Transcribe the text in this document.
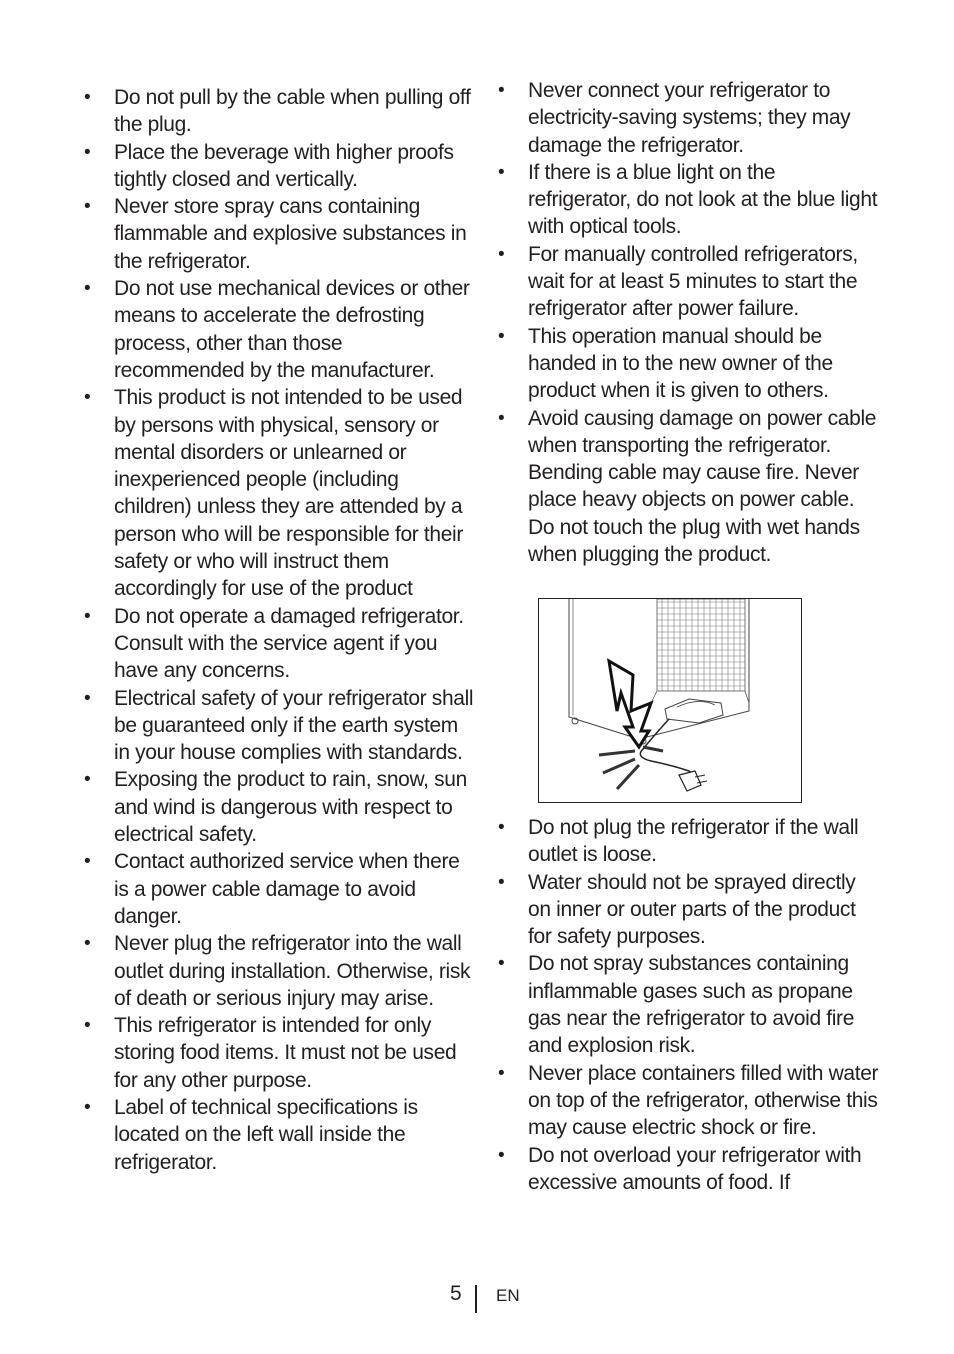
• Do not pull by the cable when pulling off the plug.
• Place the beverage with higher proofs tightly closed and vertically.
• Never store spray cans containing flammable and explosive substances in the refrigerator.
• Do not use mechanical devices or other means to accelerate the defrosting process, other than those recommended by the manufacturer.
• This product is not intended to be used by persons with physical, sensory or mental disorders or unlearned or inexperienced people (including children) unless they are attended by a person who will be responsible for their safety or who will instruct them accordingly for use of the product
• Do not operate a damaged refrigerator. Consult with the service agent if you have any concerns.
• Electrical safety of your refrigerator shall be guaranteed only if the earth system in your house complies with standards.
• Exposing the product to rain, snow, sun and wind is dangerous with respect to electrical safety.
• Contact authorized service when there is a power cable damage to avoid danger.
• Never plug the refrigerator into the wall outlet during installation. Otherwise, risk of death or serious injury may arise.
• This refrigerator is intended for only storing food items. It must not be used for any other purpose.
• Label of technical specifications is located on the left wall inside the refrigerator.
• Never connect your refrigerator to electricity-saving systems; they may damage the refrigerator.
• If there is a blue light on the refrigerator, do not look at the blue light with optical tools.
• For manually controlled refrigerators, wait for at least 5 minutes to start the refrigerator after power failure.
• This operation manual should be handed in to the new owner of the product when it is given to others.
• Avoid causing damage on power cable when transporting the refrigerator. Bending cable may cause fire. Never place heavy objects on power cable. Do not touch the plug with wet hands when plugging the product.
• Do not plug the refrigerator if the wall outlet is loose.
• Water should not be sprayed directly on inner or outer parts of the product for safety purposes.
• Do not spray substances containing inflammable gases such as propane gas near the refrigerator to avoid fire and explosion risk.
• Never place containers filled with water on top of the refrigerator, otherwise this may cause electric shock or fire.
• Do not overload your refrigerator with excessive amounts of food. If
5 EN
